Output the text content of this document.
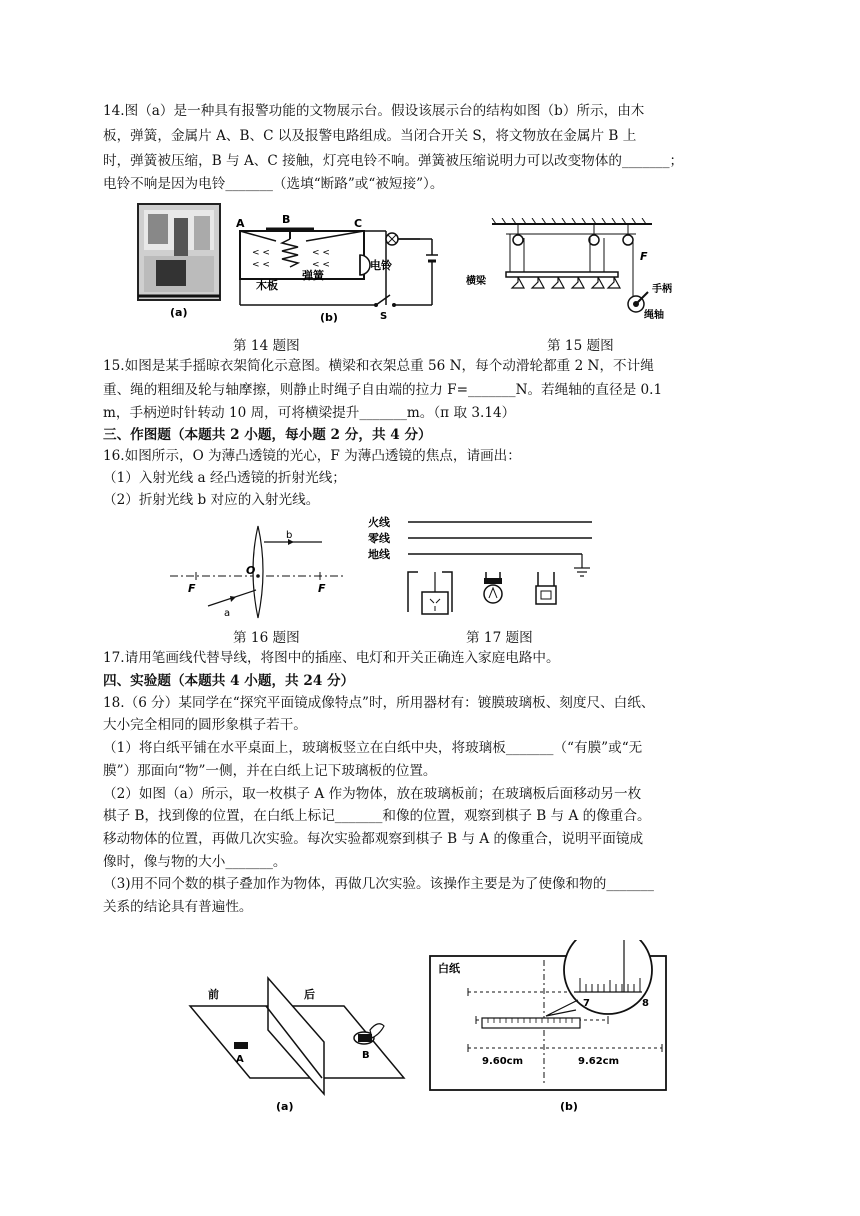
14.图（a）是一种具有报警功能的文物展示台。假设该展示台的结构如图（b）所示，由木
板，弹簧，金属片 A、B、C 以及报警电路组成。当闭合开关 S，将文物放在金属片 B 上
时，弹簧被压缩，B 与 A、C 接触，灯亮电铃不响。弹簧被压缩说明力可以改变物体的_______；
电铃不响是因为电铃_______（选填“断路”或“被短接”）。
(a)
< <	< <
< <	< <
A	B	C
木板
弹簧
电铃
S
(b)
横梁
F
手柄
绳轴
第 14 题图	第 15 题图
15.如图是某手摇晾衣架简化示意图。横梁和衣架总重 56 N，每个动滑轮都重 2 N，不计绳
重、绳的粗细及轮与轴摩擦，则静止时绳子自由端的拉力 F=_______N。若绳轴的直径是 0.1
m，手柄逆时针转动 10 周，可将横梁提升_______m。（π 取 3.14）
三、作图题（本题共 2 小题，每小题 2 分，共 4 分）
16.如图所示，O 为薄凸透镜的光心，F 为薄凸透镜的焦点，请画出：
（1）入射光线 a 经凸透镜的折射光线；
（2）折射光线 b 对应的入射光线。
F	F
O
a
b
火线
零线
地线
第 16 题图	第 17 题图
17.请用笔画线代替导线，将图中的插座、电灯和开关正确连入家庭电路中。
四、实验题（本题共 4 小题，共 24 分）
18.（6 分）某同学在“探究平面镜成像特点”时，所用器材有：镀膜玻璃板、刻度尺、白纸、
大小完全相同的圆形象棋子若干。
（1）将白纸平铺在水平桌面上，玻璃板竖立在白纸中央，将玻璃板_______（“有膜”或“无
膜”）那面向“物”一侧，并在白纸上记下玻璃板的位置。
（2）如图（a）所示，取一枚棋子 A 作为物体，放在玻璃板前；在玻璃板后面移动另一枚
棋子 B，找到像的位置，在白纸上标记_______和像的位置，观察到棋子 B 与 A 的像重合。
移动物体的位置，再做几次实验。每次实验都观察到棋子 B 与 A 的像重合，说明平面镜成
像时，像与物的大小_______。
（3)用不同个数的棋子叠加作为物体，再做几次实验。该操作主要是为了使像和物的_______
关系的结论具有普遍性。
前	后
A	B
(a)
白纸
7	8
9.60cm	9.62cm
(b)
